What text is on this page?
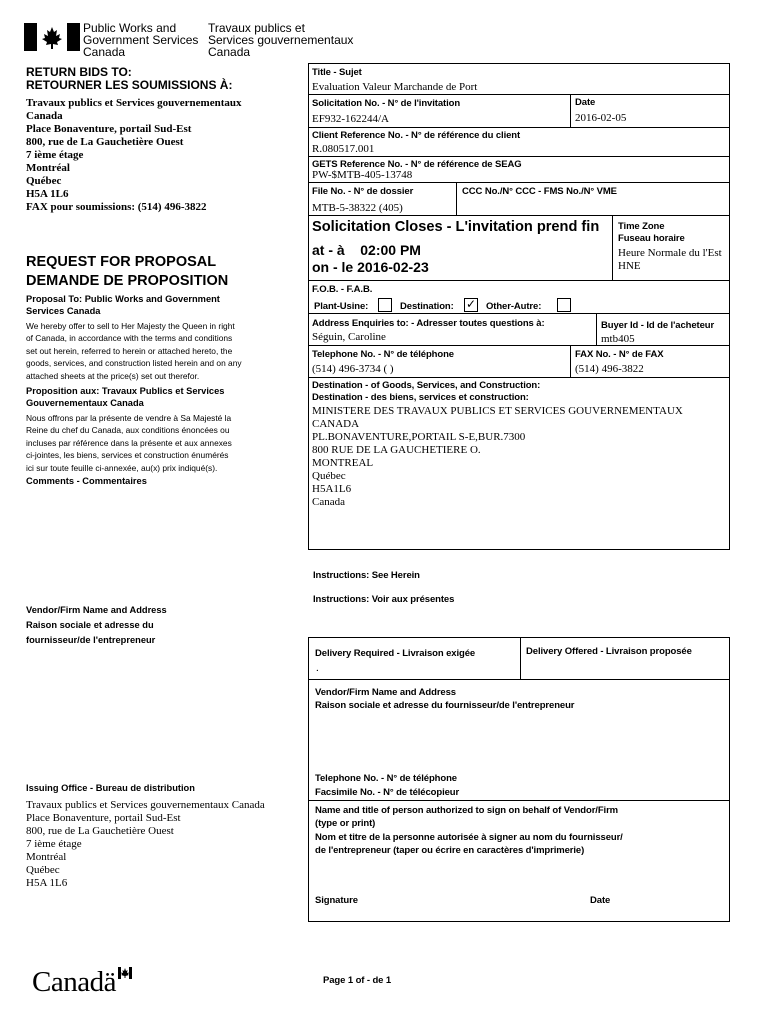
Public Works and
Government Services
Canada
Travaux publics et
Services gouvernementaux
Canada
RETURN BIDS TO:
RETOURNER LES SOUMISSIONS À:
Travaux publics et Services gouvernementaux
Canada
Place Bonaventure, portail Sud-Est
800, rue de La Gauchetière Ouest
7 ième étage
Montréal
Québec
H5A 1L6
FAX pour soumissions: (514) 496-3822
REQUEST FOR PROPOSAL
DEMANDE DE PROPOSITION
Proposal To: Public Works and Government
Services Canada
We hereby offer to sell to Her Majesty the Queen in right
of Canada, in accordance with the terms and conditions
set out herein, referred to herein or attached hereto, the
goods, services, and construction listed herein and on any
attached sheets at the price(s) set out therefor.
Proposition aux: Travaux Publics et Services
Gouvernementaux Canada
Nous offrons par la présente de vendre à Sa Majesté la
Reine du chef du Canada, aux conditions énoncées ou
incluses par référence dans la présente et aux annexes
ci-jointes, les biens, services et construction énumérés
ici sur toute feuille ci-annexée, au(x) prix indiqué(s).
Comments - Commentaires
Vendor/Firm Name and Address
Raison sociale et adresse du
fournisseur/de l'entrepreneur
Issuing Office - Bureau de distribution
Travaux publics et Services gouvernementaux Canada
Place Bonaventure, portail Sud-Est
800, rue de La Gauchetière Ouest
7 ième étage
Montréal
Québec
H5A 1L6
Title - Sujet
Evaluation Valeur Marchande de Port
Solicitation No. - N° de l'invitation
EF932-162244/A
Date
2016-02-05
Client Reference No. - N° de référence du client
R.080517.001
GETS Reference No. - N° de référence de SEAG
PW-$MTB-405-13748
File No. - N° de dossier
MTB-5-38322 (405)
CCC No./N° CCC - FMS No./N° VME
Solicitation Closes - L'invitation prend fin
at - à 02:00 PM
on - le 2016-02-23
Time Zone
Fuseau horaire
Heure Normale du l'Est
HNE
F.O.B. - F.A.B.
Plant-Usine:	Destination: ✓ Other-Autre:
Address Enquiries to: - Adresser toutes questions à:
Séguin, Caroline
Buyer Id - Id de l'acheteur
mtb405
Telephone No. - N° de téléphone
(514) 496-3734 ( )
FAX No. - N° de FAX
(514) 496-3822
Destination - of Goods, Services, and Construction:
Destination - des biens, services et construction:
MINISTERE DES TRAVAUX PUBLICS ET SERVICES GOUVERNEMENTAUX
CANADA
PL.BONAVENTURE,PORTAIL S-E,BUR.7300
800 RUE DE LA GAUCHETIERE O.
MONTREAL
Québec
H5A1L6
Canada
Instructions: See Herein
Instructions: Voir aux présentes
Delivery Required - Livraison exigée
.
Delivery Offered - Livraison proposée
Vendor/Firm Name and Address
Raison sociale et adresse du fournisseur/de l'entrepreneur
Telephone No. - N° de téléphone
Facsimile No. - N° de télécopieur
Name and title of person authorized to sign on behalf of Vendor/Firm
(type or print)
Nom et titre de la personne autorisée à signer au nom du fournisseur/
de l'entrepreneur (taper ou écrire en caractères d'imprimerie)
Signature	Date
Page 1 of - de 1
Canadä
